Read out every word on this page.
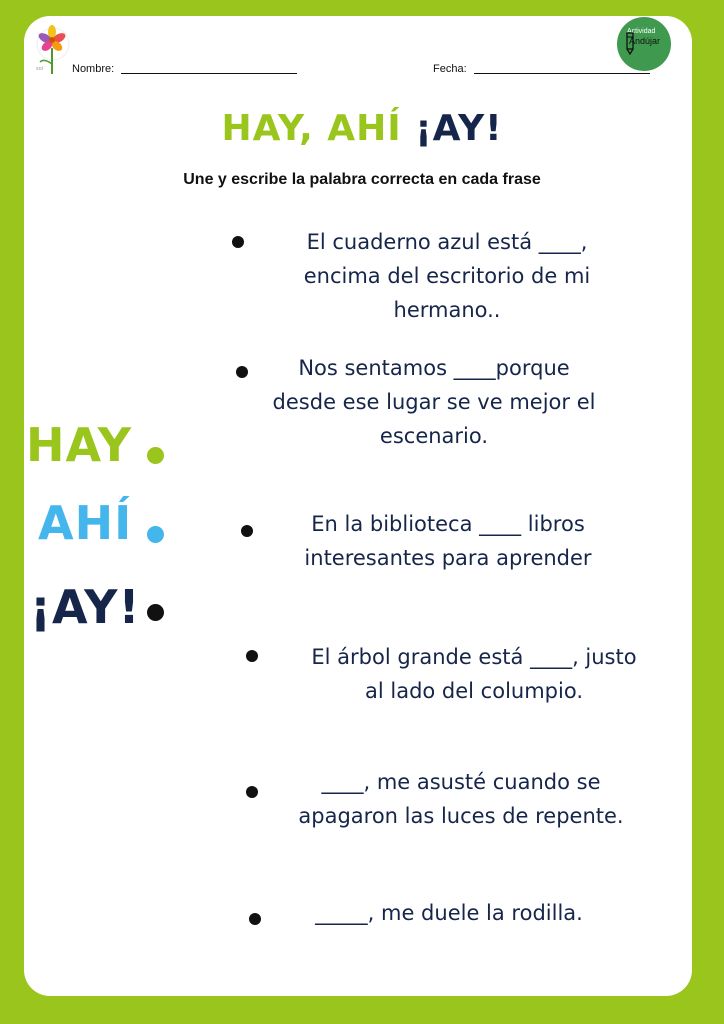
sol
Actividad
Andújar
Nombre:	Fecha:
HAY, AHÍ ¡AY!
Une y escribe la palabra correcta en cada frase
HAY
AHÍ
¡AY!
El cuaderno azul está ____,
encima del escritorio de mi
hermano..
Nos sentamos ____porque
desde ese lugar se ve mejor el
escenario.
En la biblioteca ____ libros
interesantes para aprender
El árbol grande está ____, justo
al lado del columpio.
____, me asusté cuando se
apagaron las luces de repente.
_____, me duele la rodilla.
